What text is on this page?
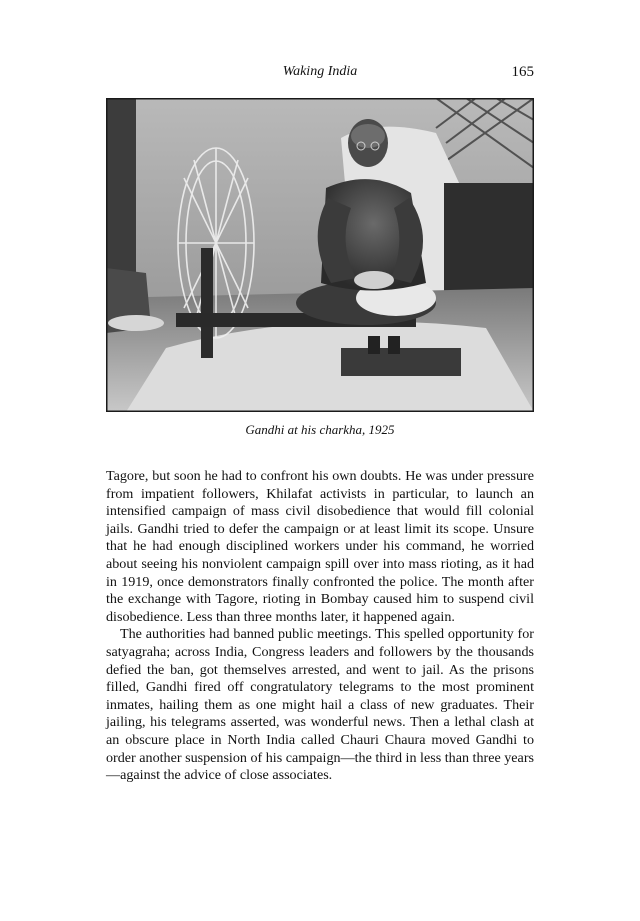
Waking India	165
Gandhi at his charkha, 1925

Tagore, but soon he had to confront his own doubts. He was under pressure from impatient followers, Khilafat activists in particular, to launch an intensified campaign of mass civil disobedience that would fill colonial jails. Gandhi tried to defer the campaign or at least limit its scope. Unsure that he had enough disciplined workers under his command, he worried about seeing his nonviolent campaign spill over into mass rioting, as it had in 1919, once demonstrators finally confronted the police. The month after the exchange with Tagore, rioting in Bombay caused him to suspend civil disobedience. Less than three months later, it happened again.

The authorities had banned public meetings. This spelled opportunity for satyagraha; across India, Congress leaders and followers by the thousands defied the ban, got themselves arrested, and went to jail. As the prisons filled, Gandhi fired off congratulatory telegrams to the most prominent inmates, hailing them as one might hail a class of new graduates. Their jailing, his telegrams asserted, was wonderful news. Then a lethal clash at an obscure place in North India called Chauri Chaura moved Gandhi to order another suspension of his campaign—the third in less than three years—against the advice of close associates.
